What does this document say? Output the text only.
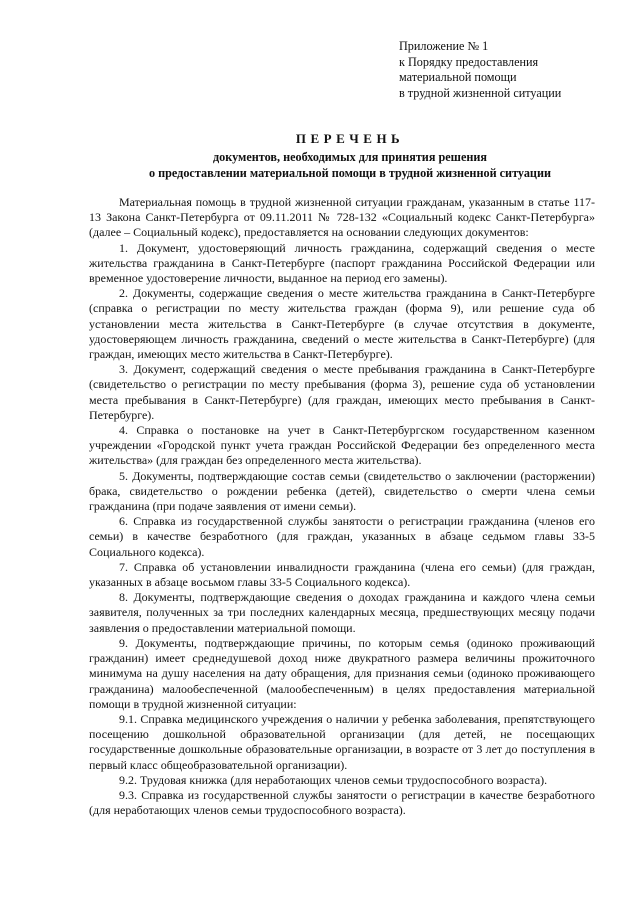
Приложение № 1
к Порядку предоставления
материальной помощи
в трудной жизненной ситуации
ПЕРЕЧЕНЬ
документов, необходимых для принятия решения
о предоставлении материальной помощи в трудной жизненной ситуации

Материальная помощь в трудной жизненной ситуации гражданам, указанным в статье 117-13 Закона Санкт-Петербурга от 09.11.2011 № 728-132 «Социальный кодекс Санкт-Петербурга» (далее – Социальный кодекс), предоставляется на основании следующих документов:

1. Документ, удостоверяющий личность гражданина, содержащий сведения о месте жительства гражданина в Санкт-Петербурге (паспорт гражданина Российской Федерации или временное удостоверение личности, выданное на период его замены).

2. Документы, содержащие сведения о месте жительства гражданина в Санкт-Петербурге (справка о регистрации по месту жительства граждан (форма 9), или решение суда об установлении места жительства в Санкт-Петербурге (в случае отсутствия в документе, удостоверяющем личность гражданина, сведений о месте жительства в Санкт-Петербурге) (для граждан, имеющих место жительства в Санкт-Петербурге).

3. Документ, содержащий сведения о месте пребывания гражданина в Санкт-Петербурге (свидетельство о регистрации по месту пребывания (форма 3), решение суда об установлении места пребывания в Санкт-Петербурге) (для граждан, имеющих место пребывания в Санкт-Петербурге).

4. Справка о постановке на учет в Санкт-Петербургском государственном казенном учреждении «Городской пункт учета граждан Российской Федерации без определенного места жительства» (для граждан без определенного места жительства).

5. Документы, подтверждающие состав семьи (свидетельство о заключении (расторжении) брака, свидетельство о рождении ребенка (детей), свидетельство о смерти члена семьи гражданина (при подаче заявления от имени семьи).

6. Справка из государственной службы занятости о регистрации гражданина (членов его семьи) в качестве безработного (для граждан, указанных в абзаце седьмом главы 33-5 Социального кодекса).

7. Справка об установлении инвалидности гражданина (члена его семьи) (для граждан, указанных в абзаце восьмом главы 33-5 Социального кодекса).

8. Документы, подтверждающие сведения о доходах гражданина и каждого члена семьи заявителя, полученных за три последних календарных месяца, предшествующих месяцу подачи заявления о предоставлении материальной помощи.

9. Документы, подтверждающие причины, по которым семья (одиноко проживающий гражданин) имеет среднедушевой доход ниже двукратного размера величины прожиточного минимума на душу населения на дату обращения, для признания семьи (одиноко проживающего гражданина) малообеспеченной (малообеспеченным) в целях предоставления материальной помощи в трудной жизненной ситуации:

9.1. Справка медицинского учреждения о наличии у ребенка заболевания, препятствующего посещению дошкольной образовательной организации (для детей, не посещающих государственные дошкольные образовательные организации, в возрасте от 3 лет до поступления в первый класс общеобразовательной организации).

9.2. Трудовая книжка (для неработающих членов семьи трудоспособного возраста).

9.3. Справка из государственной службы занятости о регистрации в качестве безработного (для неработающих членов семьи трудоспособного возраста).
